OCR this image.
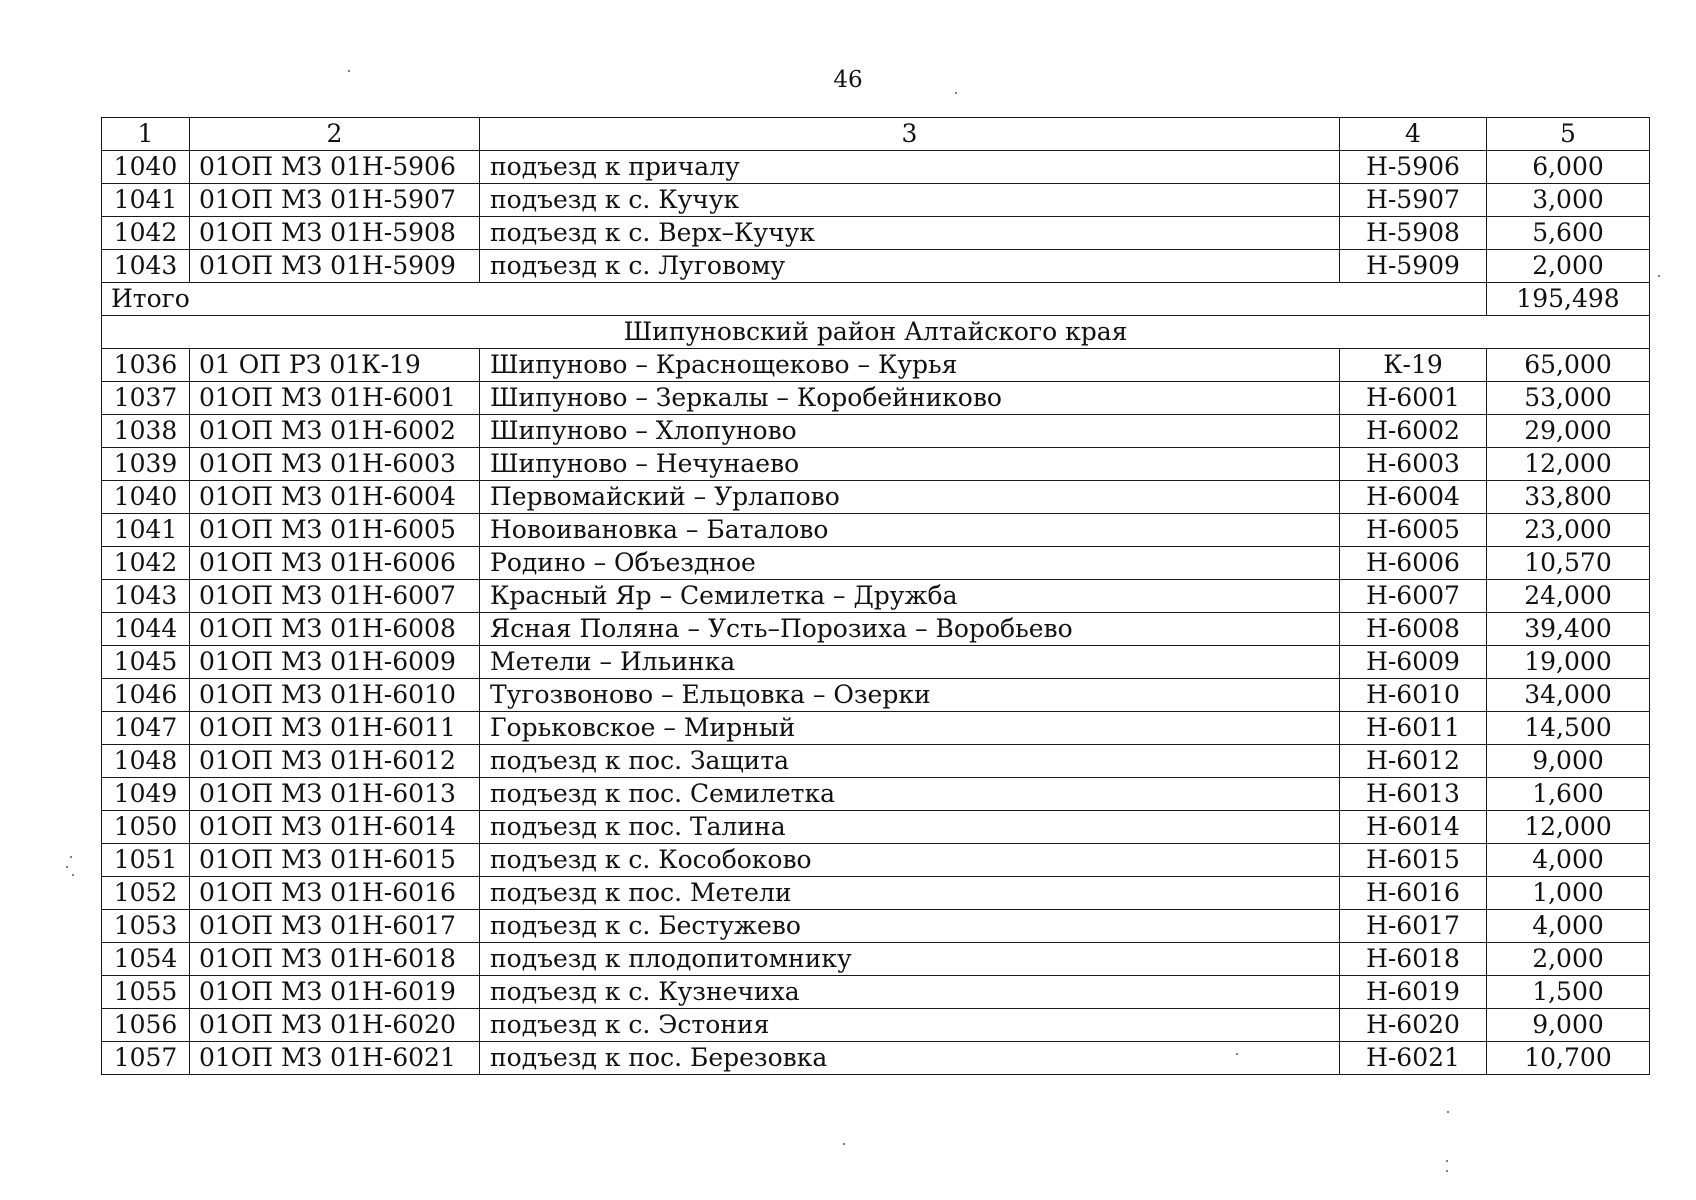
46
1	2	3	4	5
1040	01ОП МЗ 01Н-5906	подъезд к причалу	Н-5906	6,000
1041	01ОП МЗ 01Н-5907	подъезд к с. Кучук	Н-5907	3,000
1042	01ОП МЗ 01Н-5908	подъезд к с. Верх–Кучук	Н-5908	5,600
1043	01ОП МЗ 01Н-5909	подъезд к с. Луговому	Н-5909	2,000
Итого				195,498
Шипуновский район Алтайского края				
1036	01 ОП РЗ 01К-19	Шипуново – Краснощеково – Курья	К-19	65,000
1037	01ОП МЗ 01Н-6001	Шипуново – Зеркалы – Коробейниково	Н-6001	53,000
1038	01ОП МЗ 01Н-6002	Шипуново – Хлопуново	Н-6002	29,000
1039	01ОП МЗ 01Н-6003	Шипуново – Нечунаево	Н-6003	12,000
1040	01ОП МЗ 01Н-6004	Первомайский – Урлапово	Н-6004	33,800
1041	01ОП МЗ 01Н-6005	Новоивановка – Баталово	Н-6005	23,000
1042	01ОП МЗ 01Н-6006	Родино – Объездное	Н-6006	10,570
1043	01ОП МЗ 01Н-6007	Красный Яр – Семилетка – Дружба	Н-6007	24,000
1044	01ОП МЗ 01Н-6008	Ясная Поляна – Усть–Порозиха – Воробьево	Н-6008	39,400
1045	01ОП МЗ 01Н-6009	Метели – Ильинка	Н-6009	19,000
1046	01ОП МЗ 01Н-6010	Тугозвоново – Ельцовка – Озерки	Н-6010	34,000
1047	01ОП МЗ 01Н-6011	Горьковское – Мирный	Н-6011	14,500
1048	01ОП МЗ 01Н-6012	подъезд к пос. Защита	Н-6012	9,000
1049	01ОП МЗ 01Н-6013	подъезд к пос. Семилетка	Н-6013	1,600
1050	01ОП МЗ 01Н-6014	подъезд к пос. Талина	Н-6014	12,000
1051	01ОП МЗ 01Н-6015	подъезд к с. Кособоково	Н-6015	4,000
1052	01ОП МЗ 01Н-6016	подъезд к пос. Метели	Н-6016	1,000
1053	01ОП МЗ 01Н-6017	подъезд к с. Бестужево	Н-6017	4,000
1054	01ОП МЗ 01Н-6018	подъезд к плодопитомнику	Н-6018	2,000
1055	01ОП МЗ 01Н-6019	подъезд к с. Кузнечиха	Н-6019	1,500
1056	01ОП МЗ 01Н-6020	подъезд к с. Эстония	Н-6020	9,000
1057	01ОП МЗ 01Н-6021	подъезд к пос. Березовка	Н-6021	10,700
